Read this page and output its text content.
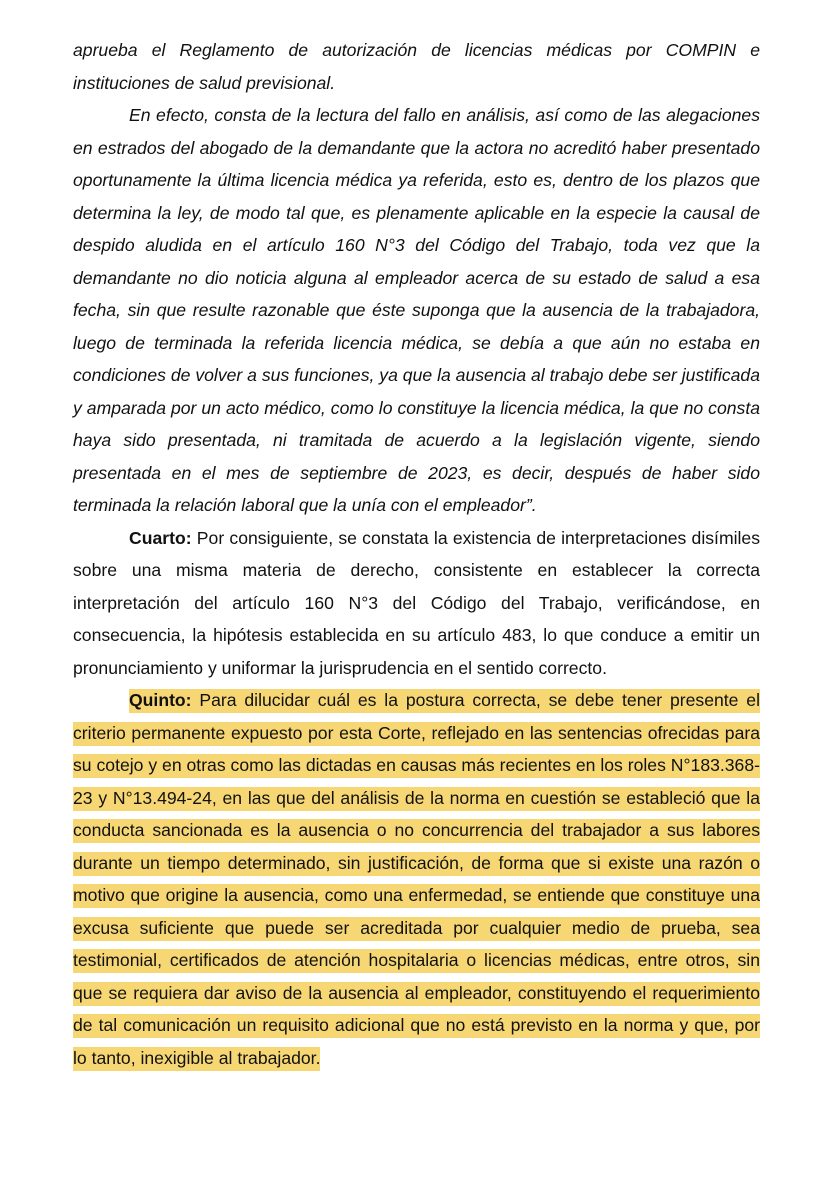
aprueba el Reglamento de autorización de licencias médicas por COMPIN e instituciones de salud previsional.

En efecto, consta de la lectura del fallo en análisis, así como de las alegaciones en estrados del abogado de la demandante que la actora no acreditó haber presentado oportunamente la última licencia médica ya referida, esto es, dentro de los plazos que determina la ley, de modo tal que, es plenamente aplicable en la especie la causal de despido aludida en el artículo 160 N°3 del Código del Trabajo, toda vez que la demandante no dio noticia alguna al empleador acerca de su estado de salud a esa fecha, sin que resulte razonable que éste suponga que la ausencia de la trabajadora, luego de terminada la referida licencia médica, se debía a que aún no estaba en condiciones de volver a sus funciones, ya que la ausencia al trabajo debe ser justificada y amparada por un acto médico, como lo constituye la licencia médica, la que no consta haya sido presentada, ni tramitada de acuerdo a la legislación vigente, siendo presentada en el mes de septiembre de 2023, es decir, después de haber sido terminada la relación laboral que la unía con el empleador”.

Cuarto: Por consiguiente, se constata la existencia de interpretaciones disímiles sobre una misma materia de derecho, consistente en establecer la correcta interpretación del artículo 160 N°3 del Código del Trabajo, verificándose, en consecuencia, la hipótesis establecida en su artículo 483, lo que conduce a emitir un pronunciamiento y uniformar la jurisprudencia en el sentido correcto.

Quinto: Para dilucidar cuál es la postura correcta, se debe tener presente el criterio permanente expuesto por esta Corte, reflejado en las sentencias ofrecidas para su cotejo y en otras como las dictadas en causas más recientes en los roles N°183.368-23 y N°13.494-24, en las que del análisis de la norma en cuestión se estableció que la conducta sancionada es la ausencia o no concurrencia del trabajador a sus labores durante un tiempo determinado, sin justificación, de forma que si existe una razón o motivo que origine la ausencia, como una enfermedad, se entiende que constituye una excusa suficiente que puede ser acreditada por cualquier medio de prueba, sea testimonial, certificados de atención hospitalaria o licencias médicas, entre otros, sin que se requiera dar aviso de la ausencia al empleador, constituyendo el requerimiento de tal comunicación un requisito adicional que no está previsto en la norma y que, por lo tanto, inexigible al trabajador.
